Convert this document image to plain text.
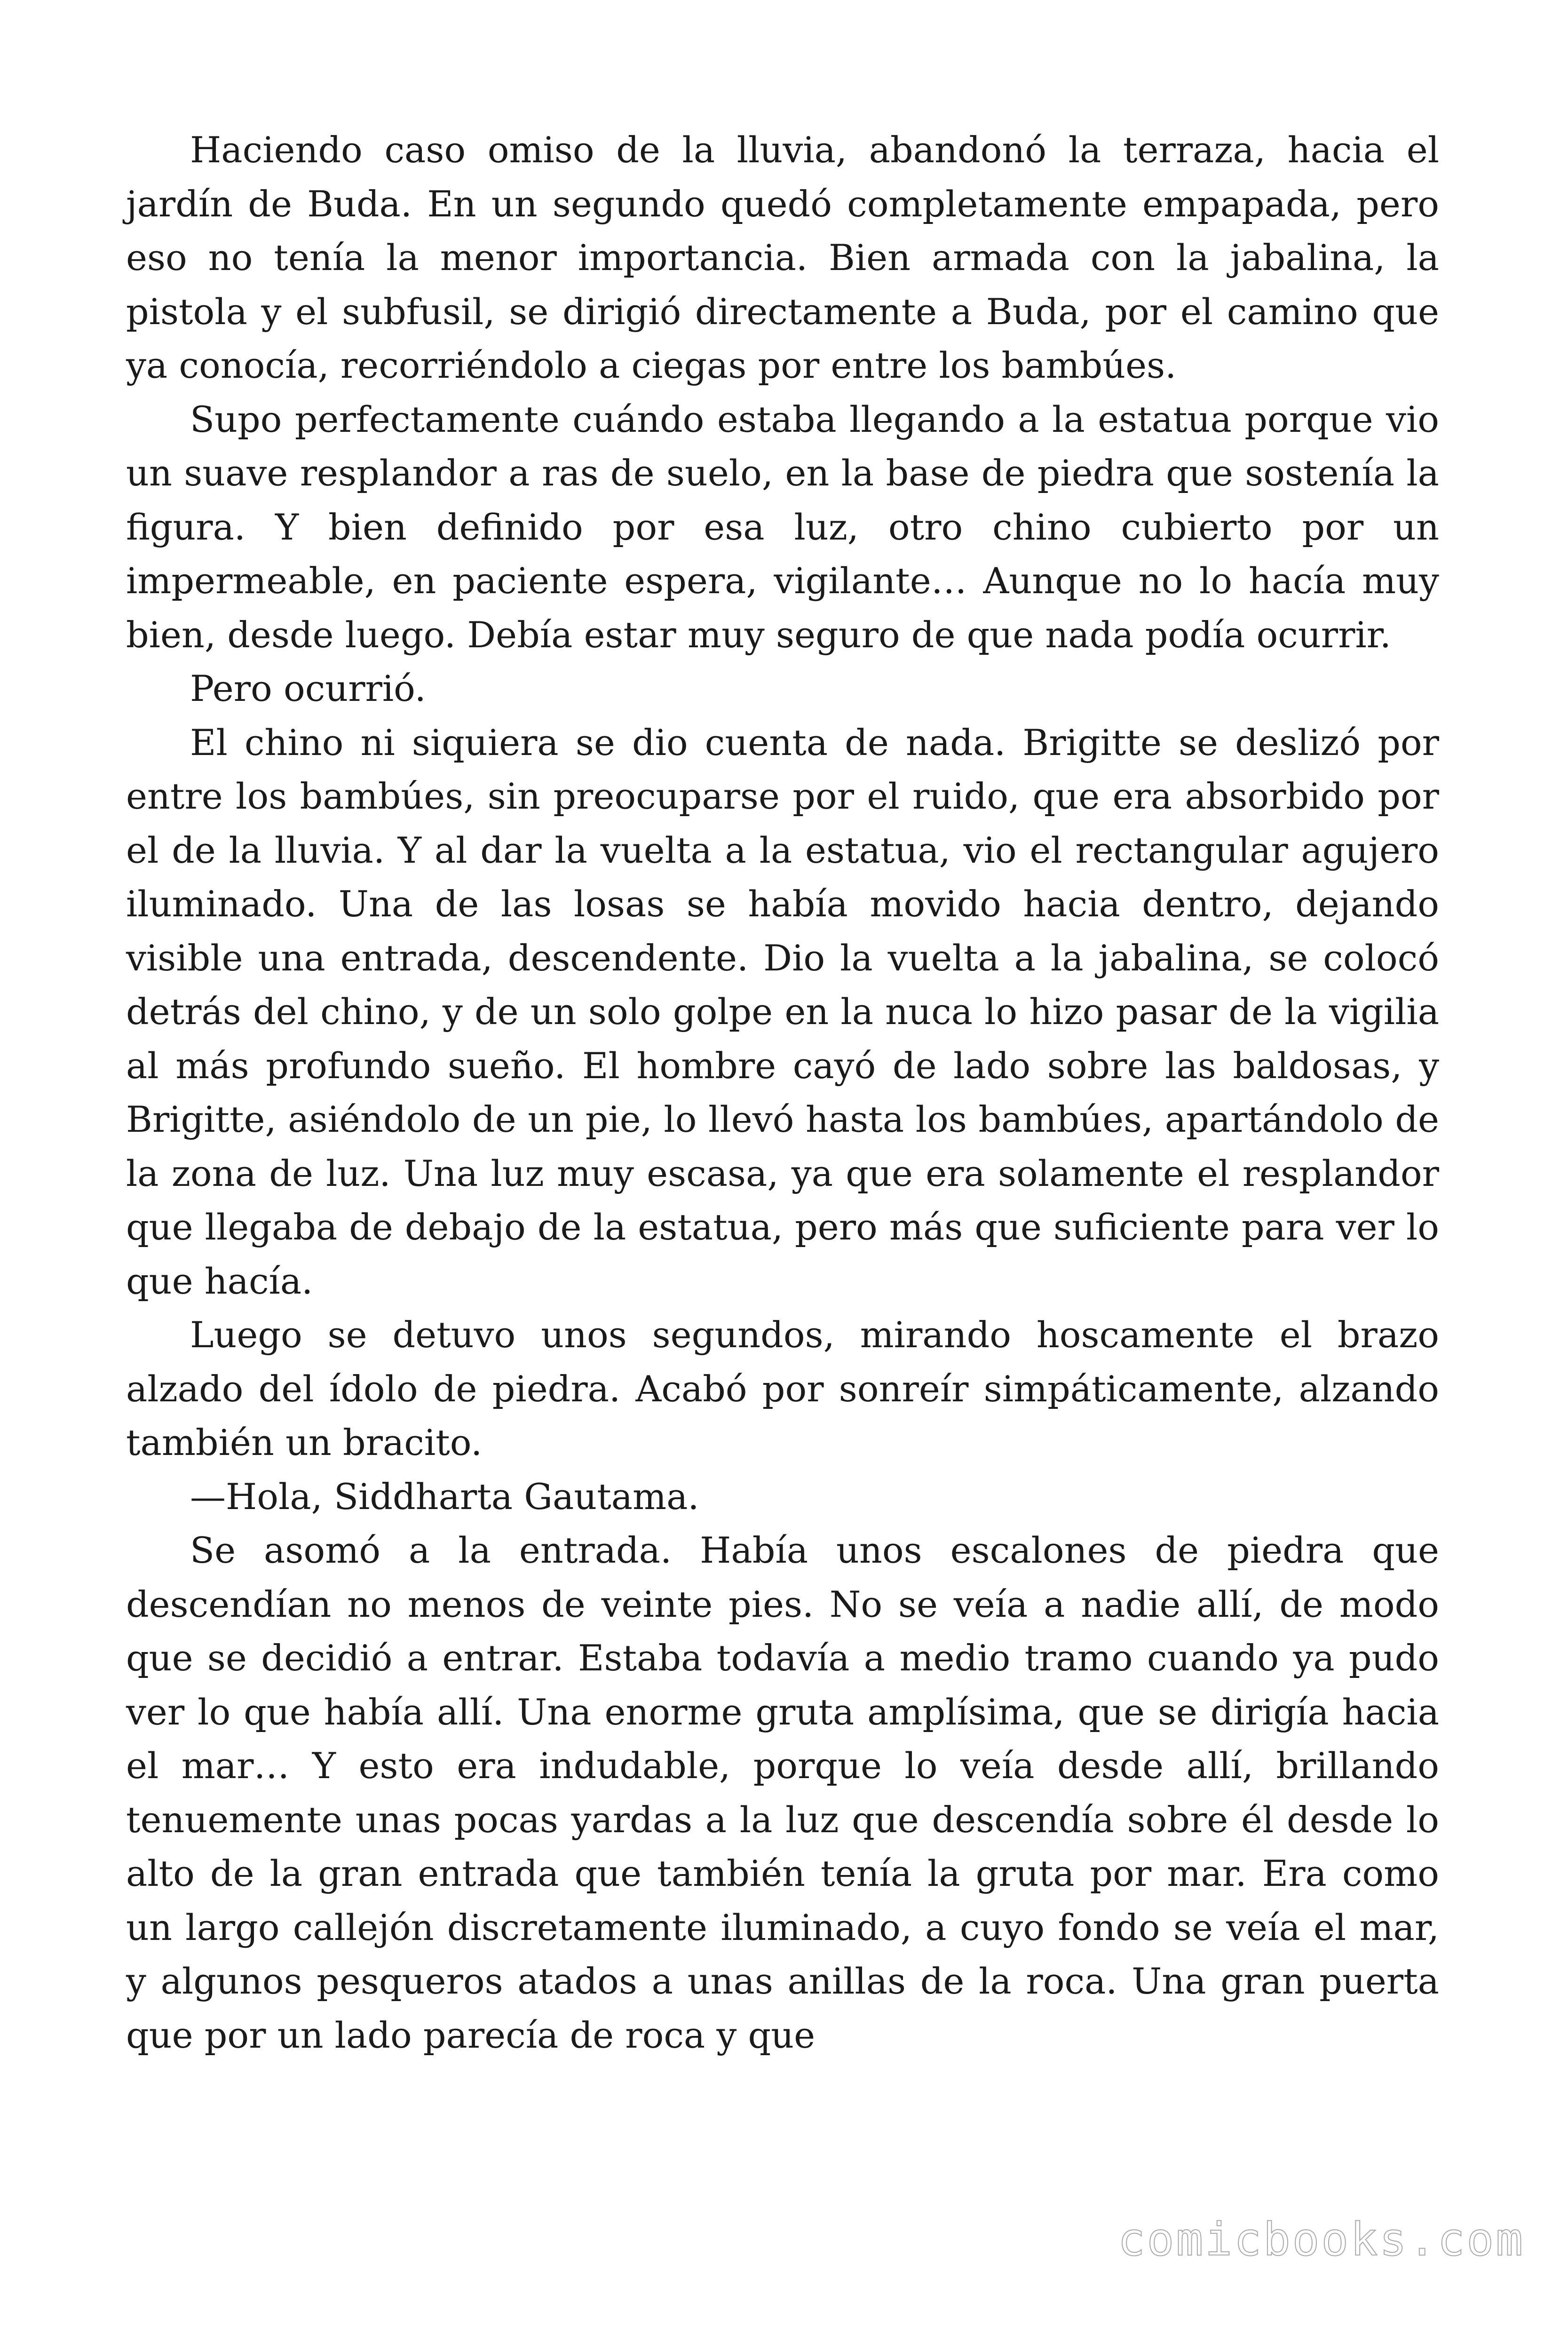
Haciendo caso omiso de la lluvia, abandonó la terraza, hacia el jardín de Buda. En un segundo quedó completamente empapada, pero eso no tenía la menor importancia. Bien armada con la jabalina, la pistola y el subfusil, se dirigió directamente a Buda, por el camino que ya conocía, recorriéndolo a ciegas por entre los bambúes.

Supo perfectamente cuándo estaba llegando a la estatua porque vio un suave resplandor a ras de suelo, en la base de piedra que sostenía la figura. Y bien definido por esa luz, otro chino cubierto por un impermeable, en paciente espera, vigilante… Aunque no lo hacía muy bien, desde luego. Debía estar muy seguro de que nada podía ocurrir.

Pero ocurrió.

El chino ni siquiera se dio cuenta de nada. Brigitte se deslizó por entre los bambúes, sin preocuparse por el ruido, que era absorbido por el de la lluvia. Y al dar la vuelta a la estatua, vio el rectangular agujero iluminado. Una de las losas se había movido hacia dentro, dejando visible una entrada, descendente. Dio la vuelta a la jabalina, se colocó detrás del chino, y de un solo golpe en la nuca lo hizo pasar de la vigilia al más profundo sueño. El hombre cayó de lado sobre las baldosas, y Brigitte, asiéndolo de un pie, lo llevó hasta los bambúes, apartándolo de la zona de luz. Una luz muy escasa, ya que era solamente el resplandor que llegaba de debajo de la estatua, pero más que suficiente para ver lo que hacía.

Luego se detuvo unos segundos, mirando hoscamente el brazo alzado del ídolo de piedra. Acabó por sonreír simpáticamente, alzando también un bracito.

—Hola, Siddharta Gautama.

Se asomó a la entrada. Había unos escalones de piedra que descendían no menos de veinte pies. No se veía a nadie allí, de modo que se decidió a entrar. Estaba todavía a medio tramo cuando ya pudo ver lo que había allí. Una enorme gruta amplísima, que se dirigía hacia el mar… Y esto era indudable, porque lo veía desde allí, brillando tenuemente unas pocas yardas a la luz que descendía sobre él desde lo alto de la gran entrada que también tenía la gruta por mar. Era como un largo callejón discretamente iluminado, a cuyo fondo se veía el mar, y algunos pesqueros atados a unas anillas de la roca. Una gran puerta que por un lado parecía de roca y que

comicbooks.com
